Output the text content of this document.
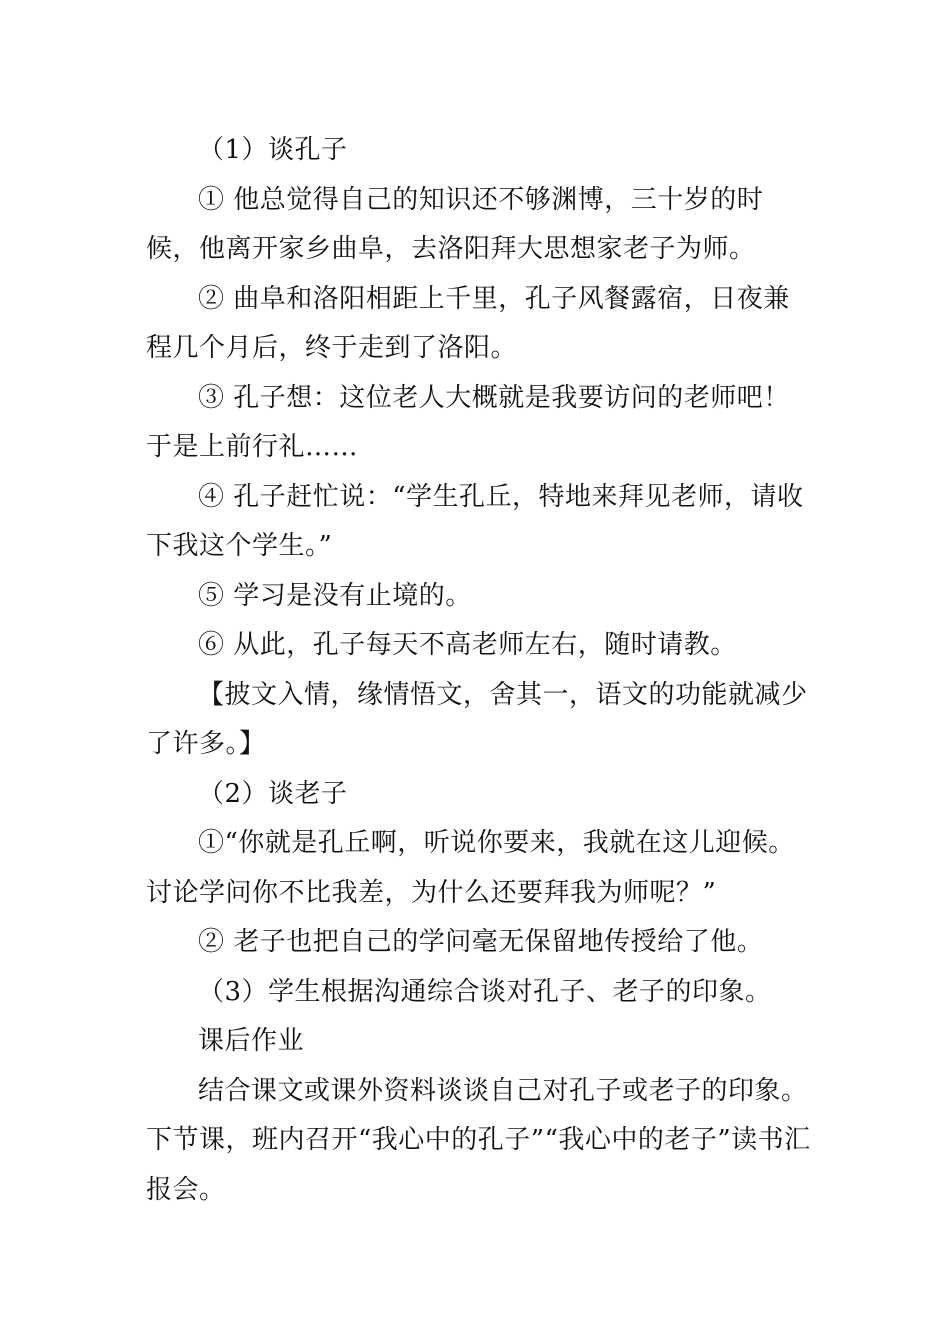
（1）谈孔子

① 他总觉得自己的知识还不够渊博，三十岁的时候，他离开家乡曲阜，去洛阳拜大思想家老子为师。

② 曲阜和洛阳相距上千里，孔子风餐露宿，日夜兼程几个月后，终于走到了洛阳。

③ 孔子想：这位老人大概就是我要访问的老师吧！于是上前行礼……

④ 孔子赶忙说：“学生孔丘，特地来拜见老师，请收下我这个学生。”

⑤ 学习是没有止境的。

⑥ 从此，孔子每天不高老师左右，随时请教。

【披文入情，缘情悟文，舍其一，语文的功能就减少了许多。】

（2）谈老子

①“你就是孔丘啊，听说你要来，我就在这儿迎候。讨论学问你不比我差，为什么还要拜我为师呢？”

② 老子也把自己的学问毫无保留地传授给了他。

（3）学生根据沟通综合谈对孔子、老子的印象。

课后作业

结合课文或课外资料谈谈自己对孔子或老子的印象。下节课，班内召开“我心中的孔子”“我心中的老子”读书汇报会。
